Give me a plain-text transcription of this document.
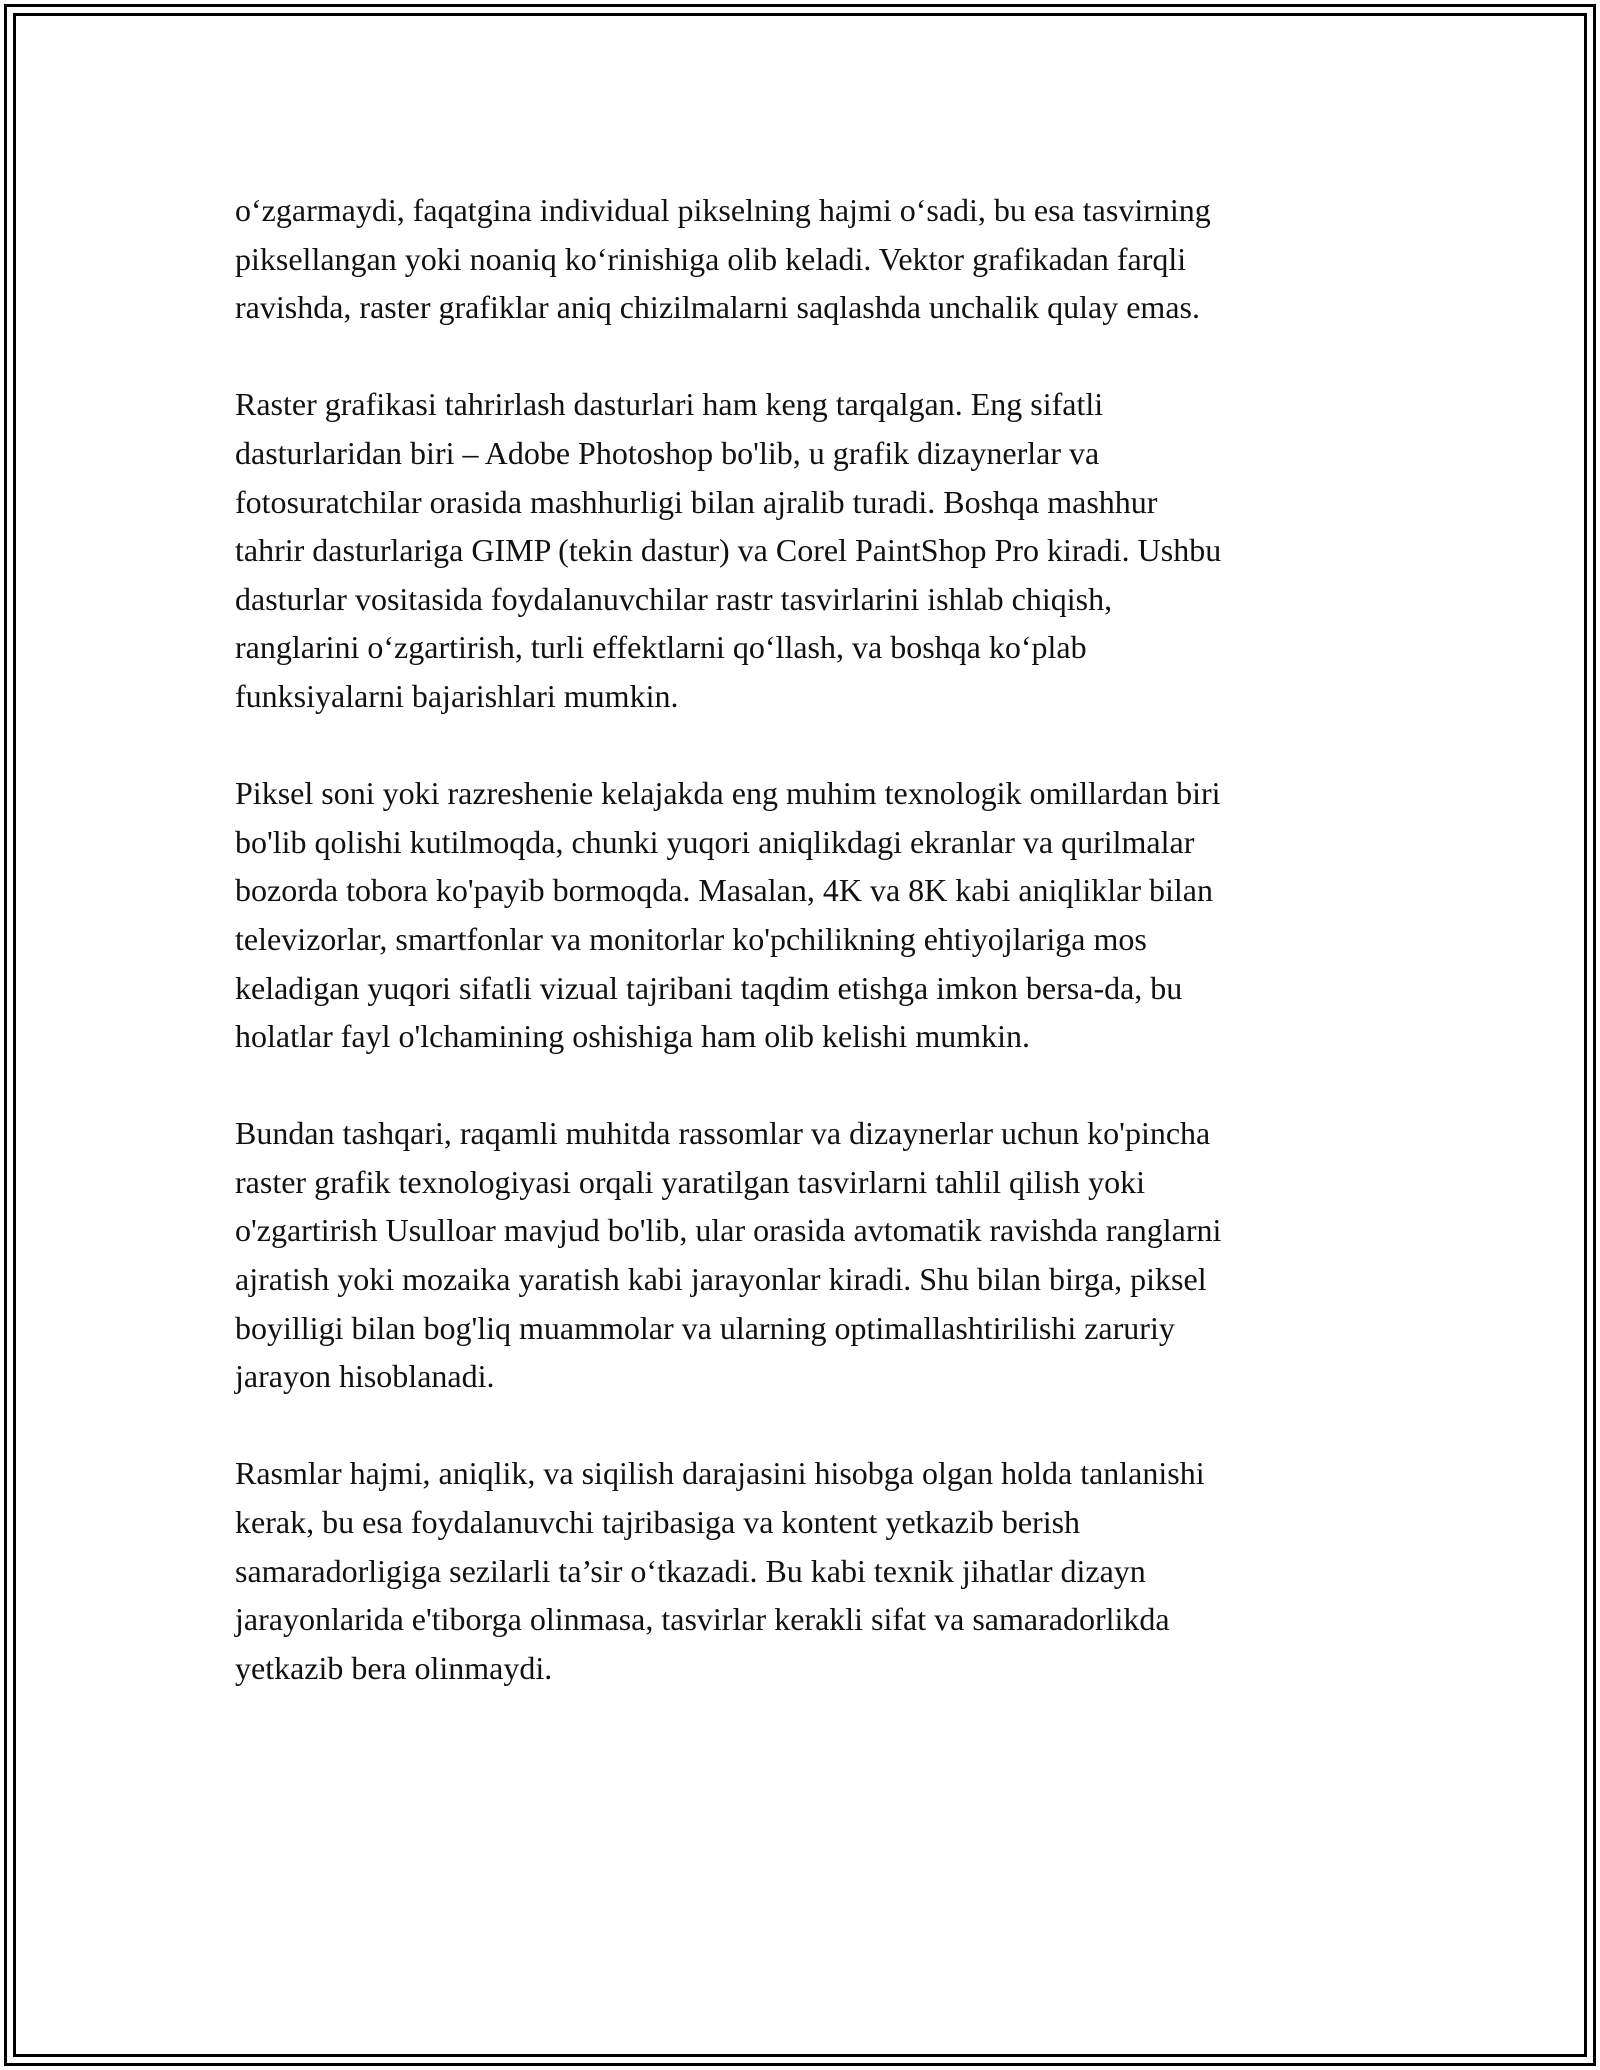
o‘zgarmaydi, faqatgina individual pikselning hajmi o‘sadi, bu esa tasvirning
piksellangan yoki noaniq ko‘rinishiga olib keladi. Vektor grafikadan farqli
ravishda, raster grafiklar aniq chizilmalarni saqlashda unchalik qulay emas.

Raster grafikasi tahrirlash dasturlari ham keng tarqalgan. Eng sifatli
dasturlaridan biri – Adobe Photoshop bo'lib, u grafik dizaynerlar va
fotosuratchilar orasida mashhurligi bilan ajralib turadi. Boshqa mashhur
tahrir dasturlariga GIMP (tekin dastur) va Corel PaintShop Pro kiradi. Ushbu
dasturlar vositasida foydalanuvchilar rastr tasvirlarini ishlab chiqish,
ranglarini o‘zgartirish, turli effektlarni qo‘llash, va boshqa ko‘plab
funksiyalarni bajarishlari mumkin.

Piksel soni yoki razreshenie kelajakda eng muhim texnologik omillardan biri
bo'lib qolishi kutilmoqda, chunki yuqori aniqlikdagi ekranlar va qurilmalar
bozorda tobora ko'payib bormoqda. Masalan, 4K va 8K kabi aniqliklar bilan
televizorlar, smartfonlar va monitorlar ko'pchilikning ehtiyojlariga mos
keladigan yuqori sifatli vizual tajribani taqdim etishga imkon bersa-da, bu
holatlar fayl o'lchamining oshishiga ham olib kelishi mumkin.

Bundan tashqari, raqamli muhitda rassomlar va dizaynerlar uchun ko'pincha
raster grafik texnologiyasi orqali yaratilgan tasvirlarni tahlil qilish yoki
o'zgartirish Usulloar mavjud bo'lib, ular orasida avtomatik ravishda ranglarni
ajratish yoki mozaika yaratish kabi jarayonlar kiradi. Shu bilan birga, piksel
boyilligi bilan bog'liq muammolar va ularning optimallashtirilishi zaruriy
jarayon hisoblanadi.

Rasmlar hajmi, aniqlik, va siqilish darajasini hisobga olgan holda tanlanishi
kerak, bu esa foydalanuvchi tajribasiga va kontent yetkazib berish
samaradorligiga sezilarli ta’sir o‘tkazadi. Bu kabi texnik jihatlar dizayn
jarayonlarida e'tiborga olinmasa, tasvirlar kerakli sifat va samaradorlikda
yetkazib bera olinmaydi.
